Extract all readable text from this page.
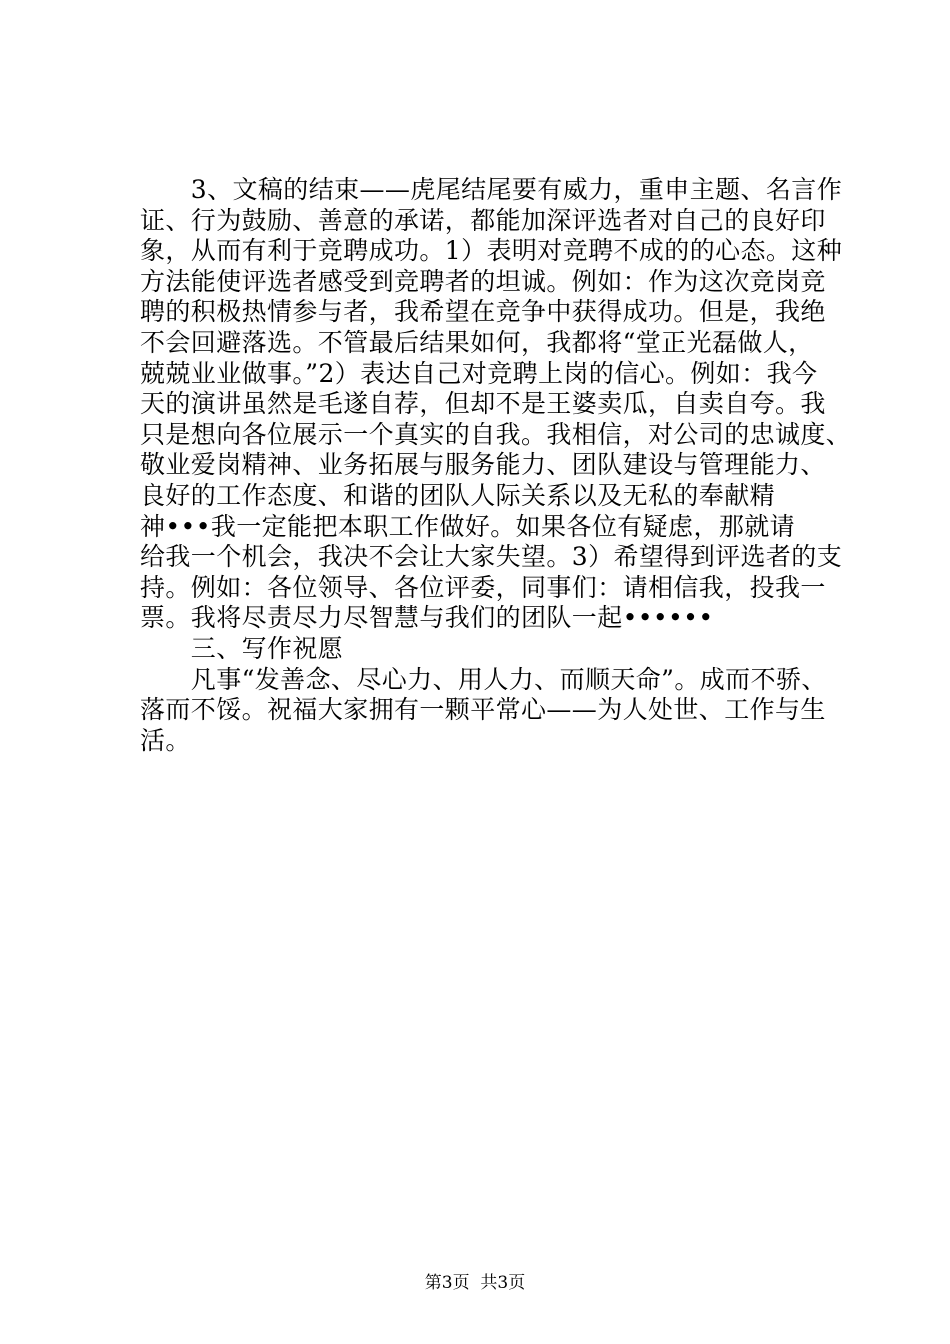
　　3、文稿的结束——虎尾结尾要有威力，重申主题、名言作
证、行为鼓励、善意的承诺，都能加深评选者对自己的良好印
象，从而有利于竞聘成功。1）表明对竞聘不成的的心态。这种
方法能使评选者感受到竞聘者的坦诚。例如：作为这次竞岗竞
聘的积极热情参与者，我希望在竞争中获得成功。但是，我绝
不会回避落选。不管最后结果如何，我都将“堂正光磊做人，
兢兢业业做事。”2）表达自己对竞聘上岗的信心。例如：我今
天的演讲虽然是毛遂自荐，但却不是王婆卖瓜，自卖自夸。我
只是想向各位展示一个真实的自我。我相信，对公司的忠诚度、
敬业爱岗精神、业务拓展与服务能力、团队建设与管理能力、
良好的工作态度、和谐的团队人际关系以及无私的奉献精
神•••我一定能把本职工作做好。如果各位有疑虑，那就请
给我一个机会，我决不会让大家失望。3）希望得到评选者的支
持。例如：各位领导、各位评委，同事们：请相信我，投我一
票。我将尽责尽力尽智慧与我们的团队一起••••••
　　三、写作祝愿
　　凡事“发善念、尽心力、用人力、而顺天命”。成而不骄、
落而不馁。祝福大家拥有一颗平常心——为人处世、工作与生
活。
第3页  共3页
